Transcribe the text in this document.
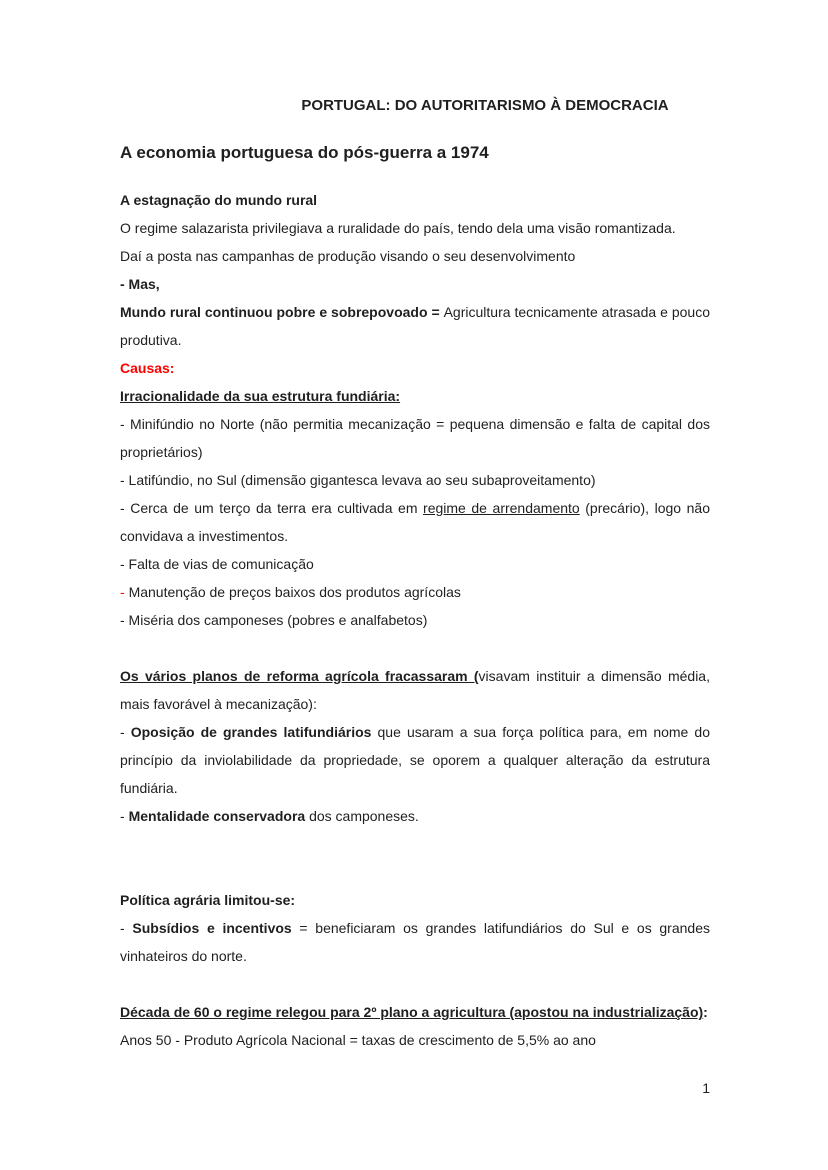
PORTUGAL: DO AUTORITARISMO À DEMOCRACIA

A economia portuguesa do pós-guerra a 1974

A estagnação do mundo rural

O regime salazarista privilegiava a ruralidade do país, tendo dela uma visão romantizada.

Daí a posta nas campanhas de produção visando o seu desenvolvimento

- Mas,

Mundo rural continuou pobre e sobrepovoado = Agricultura tecnicamente atrasada e pouco produtiva.

Causas:

Irracionalidade da sua estrutura fundiária:

- Minifúndio no Norte (não permitia mecanização = pequena dimensão e falta de capital dos proprietários)

- Latifúndio, no Sul (dimensão gigantesca levava ao seu subaproveitamento)

- Cerca de um terço da terra era cultivada em regime de arrendamento (precário), logo não convidava a investimentos.

- Falta de vias de comunicação

- Manutenção de preços baixos dos produtos agrícolas

- Miséria dos camponeses (pobres e analfabetos)

Os vários planos de reforma agrícola fracassaram (visavam instituir a dimensão média, mais favorável à mecanização):

- Oposição de grandes latifundiários que usaram a sua força política para, em nome do princípio da inviolabilidade da propriedade, se oporem a qualquer alteração da estrutura fundiária.

- Mentalidade conservadora dos camponeses.

Política agrária limitou-se:

- Subsídios e incentivos = beneficiaram os grandes latifundiários do Sul e os grandes vinhateiros do norte.

Década de 60 o regime relegou para 2º plano a agricultura (apostou na industrialização):

Anos 50 - Produto Agrícola Nacional = taxas de crescimento de 5,5% ao ano

1
